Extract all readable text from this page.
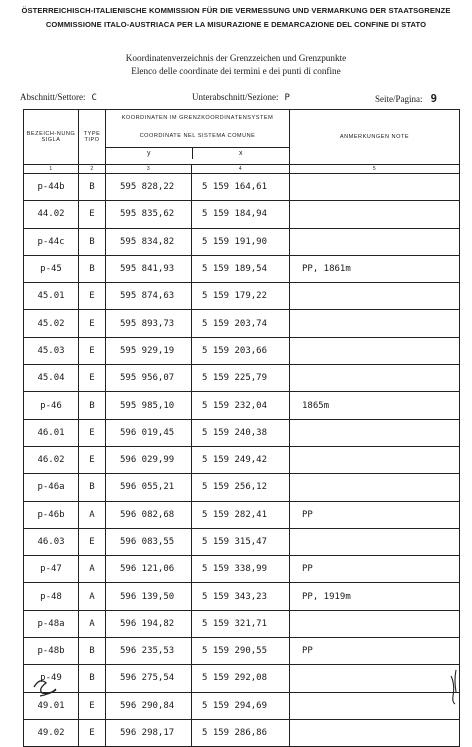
ÖSTERREICHISCH-ITALIENISCHE KOMMISSION FÜR DIE VERMESSUNG UND VERMARKUNG DER STAATSGRENZE
COMMISSIONE ITALO-AUSTRIACA PER LA MISURAZIONE E DEMARCAZIONE DEL CONFINE DI STATO
Koordinatenverzeichnis der Grenzzeichen und Grenzpunkte
Elenco delle coordinate dei termini e dei punti di confine
Abschnitt/Settore: C	Unterabschnitt/Sezione: P	Seite/Pagina: 9
BEZEICH-NUNG SIGLA	TYPE TIPO	KOORDINATEN IM GRENZKOORDINATENSYSTEM
COORDINATE NEL SISTEMA COMUNE
y x		ANMERKUNGEN NOTE
1	2	3	4	5
p-44b	B	595 828,22	5 159 164,61	
44.02	E	595 835,62	5 159 184,94	
p-44c	B	595 834,82	5 159 191,90	
p-45	B	595 841,93	5 159 189,54	PP, 1861m
45.01	E	595 874,63	5 159 179,22	
45.02	E	595 893,73	5 159 203,74	
45.03	E	595 929,19	5 159 203,66	
45.04	E	595 956,07	5 159 225,79	
p-46	B	595 985,10	5 159 232,04	1865m
46.01	E	596 019,45	5 159 240,38	
46.02	E	596 029,99	5 159 249,42	
p-46a	B	596 055,21	5 159 256,12	
p-46b	A	596 082,68	5 159 282,41	PP
46.03	E	596 083,55	5 159 315,47	
p-47	A	596 121,06	5 159 338,99	PP
p-48	A	596 139,50	5 159 343,23	PP, 1919m
p-48a	A	596 194,82	5 159 321,71	
p-48b	B	596 235,53	5 159 290,55	PP
p-49	B	596 275,54	5 159 292,08	
49.01	E	596 290,84	5 159 294,69	
49.02	E	596 298,17	5 159 286,86	
